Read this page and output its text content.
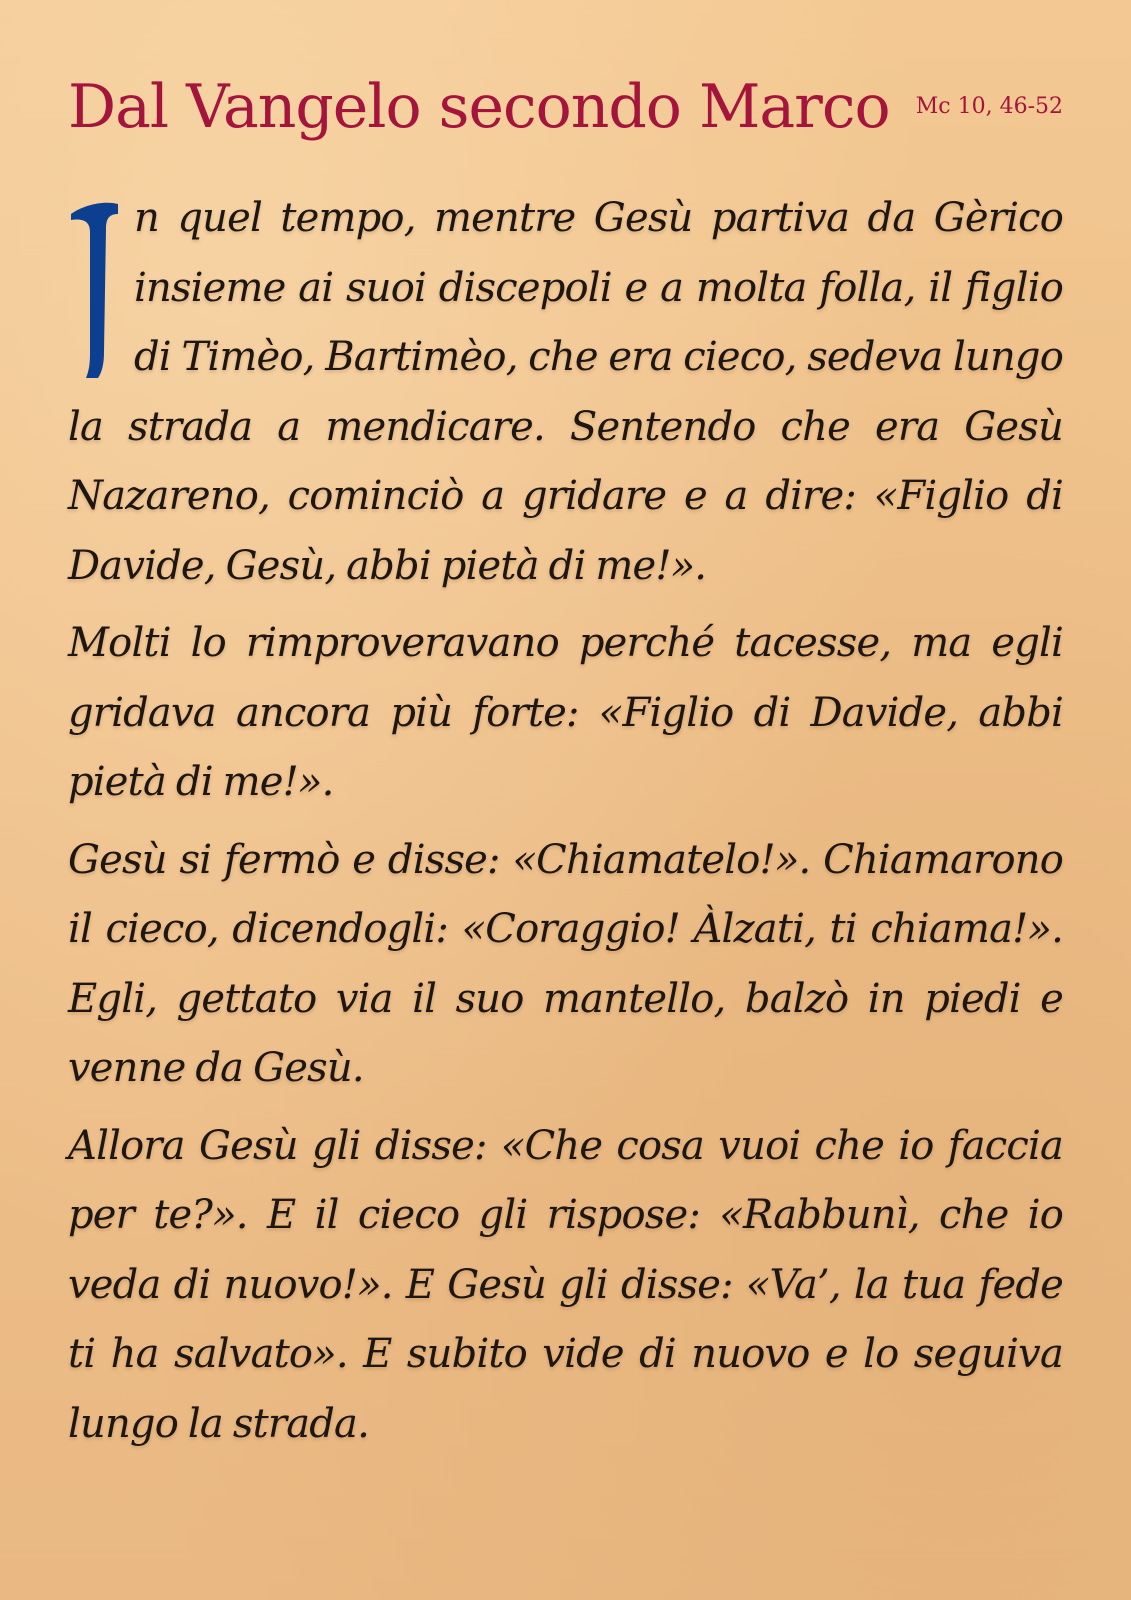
Dal Vangelo secondo Marco Mc 10, 46-52

n quel tempo, mentre Gesù partiva da Gèrico insieme ai suoi discepoli e a molta folla, il figlio di Timèo, Bartimèo, che era cieco, sedeva lungo la strada a mendicare. Sentendo che era Gesù Nazareno, cominciò a gridare e a dire: «Figlio di Davide, Gesù, abbi pietà di me!».

Molti lo rimproveravano perché tacesse, ma egli gridava ancora più forte: «Figlio di Davide, abbi pietà di me!».

Gesù si fermò e disse: «Chiamatelo!». Chiamarono il cieco, dicendogli: «Coraggio! Àlzati, ti chiama!». Egli, gettato via il suo mantello, balzò in piedi e venne da Gesù.

Allora Gesù gli disse: «Che cosa vuoi che io faccia per te?». E il cieco gli rispose: «Rabbunì, che io veda di nuovo!». E Gesù gli disse: «Va’, la tua fede ti ha salvato». E subito vide di nuovo e lo seguiva lungo la strada.
